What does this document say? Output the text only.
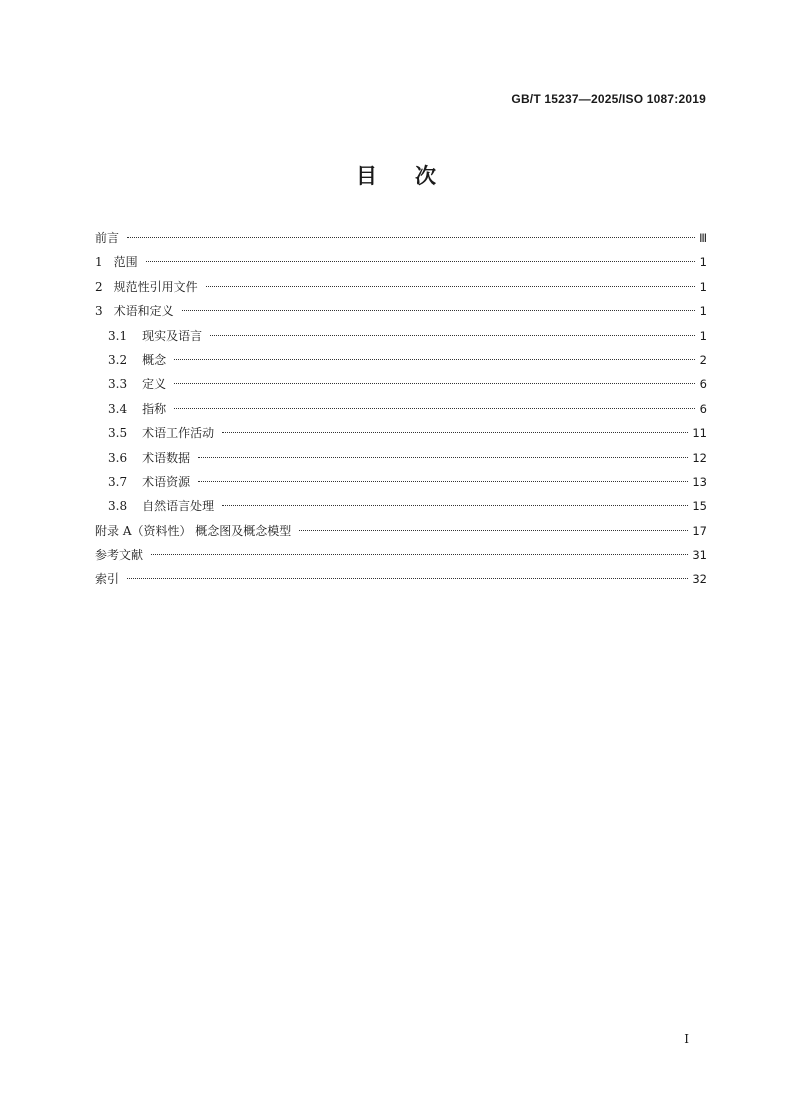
GB/T 15237—2025/ISO 1087:2019
目次
前言	Ⅲ
1 范围	1
2 规范性引用文件	1
3 术语和定义	1
3.1 现实及语言	1
3.2 概念	2
3.3 定义	6
3.4 指称	6
3.5 术语工作活动	11
3.6 术语数据	12
3.7 术语资源	13
3.8 自然语言处理	15
附录 A（资料性） 概念图及概念模型	17
参考文献	31
索引	32
I
